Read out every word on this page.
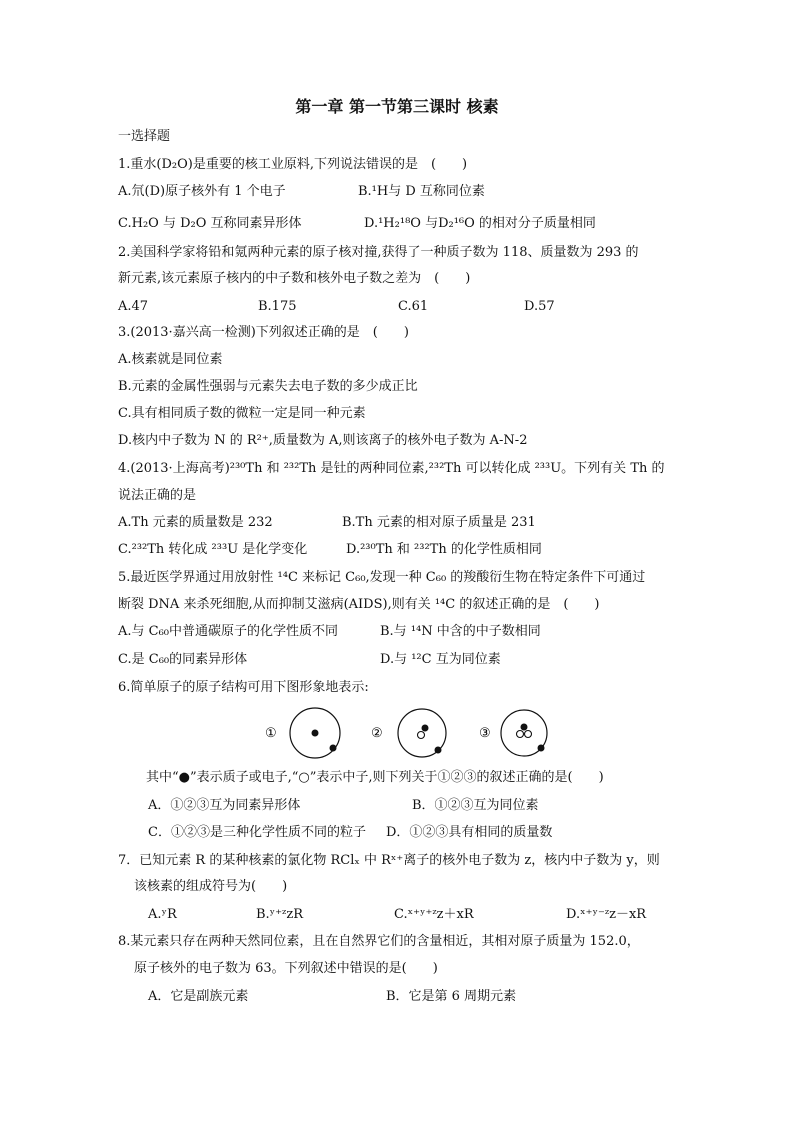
第一章 第一节第三课时 核素
一选择题
1.重水(D₂O)是重要的核工业原料,下列说法错误的是　(　　)
A.氘(D)原子核外有 1 个电子	B.¹H与 D 互称同位素
C.H₂O 与 D₂O 互称同素异形体	D.¹H₂¹⁸O 与D₂¹⁶O 的相对分子质量相同
2.美国科学家将铅和氪两种元素的原子核对撞,获得了一种质子数为 118、质量数为 293 的
新元素,该元素原子核内的中子数和核外电子数之差为　(　　)
A.47	B.175	C.61	D.57
3.(2013·嘉兴高一检测)下列叙述正确的是　(　　)
A.核素就是同位素
B.元素的金属性强弱与元素失去电子数的多少成正比
C.具有相同质子数的微粒一定是同一种元素
D.核内中子数为 N 的 R²⁺,质量数为 A,则该离子的核外电子数为 A-N-2
4.(2013·上海高考)²³⁰Th 和 ²³²Th 是钍的两种同位素,²³²Th 可以转化成 ²³³U。下列有关 Th 的
说法正确的是
A.Th 元素的质量数是 232	B.Th 元素的相对原子质量是 231
C.²³²Th 转化成 ²³³U 是化学变化	D.²³⁰Th 和 ²³²Th 的化学性质相同
5.最近医学界通过用放射性 ¹⁴C 来标记 C₆₀,发现一种 C₆₀ 的羧酸衍生物在特定条件下可通过
断裂 DNA 来杀死细胞,从而抑制艾滋病(AIDS),则有关 ¹⁴C 的叙述正确的是　(　　)
A.与 C₆₀中普通碳原子的化学性质不同	B.与 ¹⁴N 中含的中子数相同
C.是 C₆₀的同素异形体	D.与 ¹²C 互为同位素
6.简单原子的原子结构可用下图形象地表示:
①	②	③
其中“●”表示质子或电子,“○”表示中子,则下列关于①②③的叙述正确的是(　　)
A．①②③互为同素异形体	B．①②③互为同位素
C．①②③是三种化学性质不同的粒子 D．①②③具有相同的质量数
7．已知元素 R 的某种核素的氯化物 RClₓ 中 Rˣ⁺离子的核外电子数为 z，核内中子数为 y，则
该核素的组成符号为(　　)
A.ʸR	B.ʸ⁺ᶻzR	C.ˣ⁺ʸ⁺ᶻz＋xR	D.ˣ⁺ʸ⁻ᶻz－xR
8.某元素只存在两种天然同位素，且在自然界它们的含量相近，其相对原子质量为 152.0，
原子核外的电子数为 63。下列叙述中错误的是(　　)
A．它是副族元素	B．它是第 6 周期元素
